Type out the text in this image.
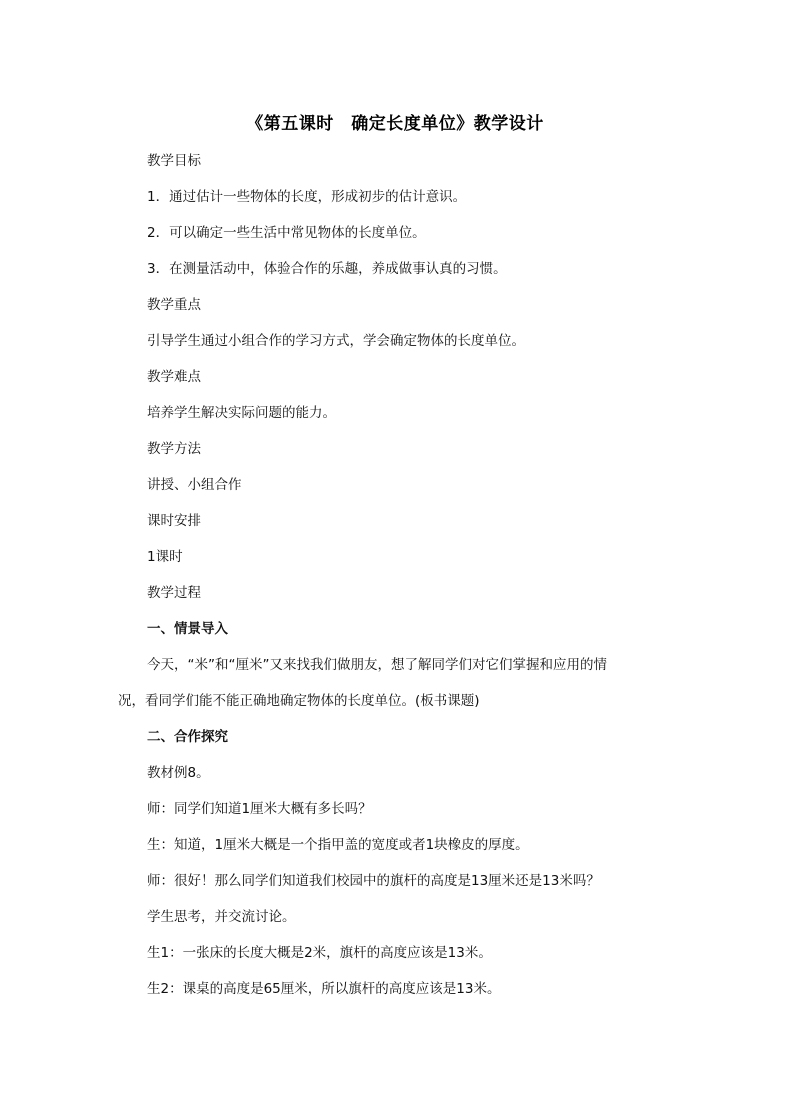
《第五课时　确定长度单位》教学设计
教学目标
1．通过估计一些物体的长度，形成初步的估计意识。
2．可以确定一些生活中常见物体的长度单位。
3．在测量活动中，体验合作的乐趣，养成做事认真的习惯。
教学重点
引导学生通过小组合作的学习方式，学会确定物体的长度单位。
教学难点
培养学生解决实际问题的能力。
教学方法
讲授、小组合作
课时安排
1课时
教学过程
一、情景导入
今天，“米”和“厘米”又来找我们做朋友，想了解同学们对它们掌握和应用的情
况，看同学们能不能正确地确定物体的长度单位。(板书课题)
二、合作探究
教材例8。
师：同学们知道1厘米大概有多长吗？
生：知道，1厘米大概是一个指甲盖的宽度或者1块橡皮的厚度。
师：很好！那么同学们知道我们校园中的旗杆的高度是13厘米还是13米吗？
学生思考，并交流讨论。
生1：一张床的长度大概是2米，旗杆的高度应该是13米。
生2：课桌的高度是65厘米，所以旗杆的高度应该是13米。
